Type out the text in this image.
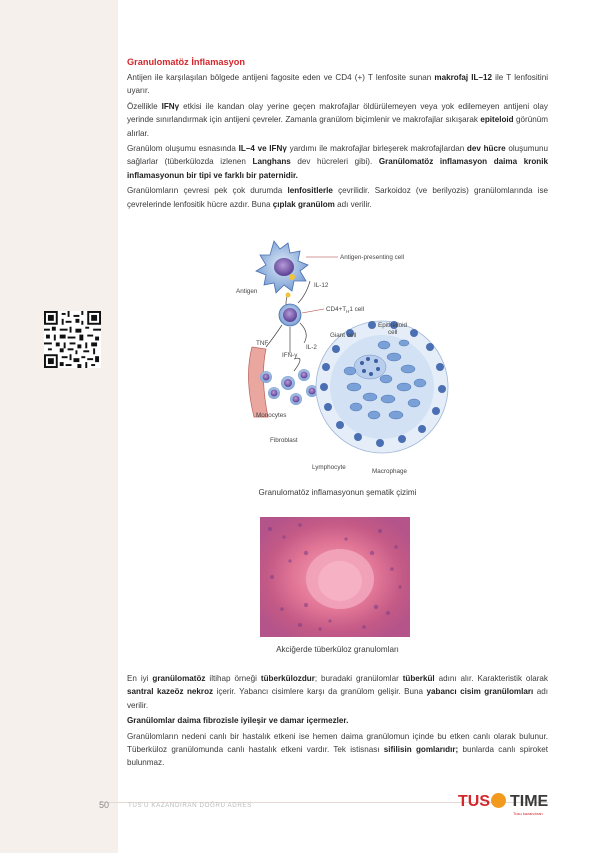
Granulomatöz İnflamasyon

Antijen ile karşılaşılan bölgede antijeni fagosite eden ve CD4 (+) T lenfosite sunan makrofaj IL–12 ile T lenfositini uyarır.

Özellikle IFNγ etkisi ile kandan olay yerine geçen makrofajlar öldürülemeyen veya yok edilemeyen antijeni olay yerinde sınırlandırmak için antijeni çevreler. Zamanla granülom biçimlenir ve makrofajlar sıkışarak epiteloid görünüm alırlar.

Granülom oluşumu esnasında IL–4 ve IFNγ yardımı ile makrofajlar birleşerek makrofajlardan dev hücre oluşumunu sağlarlar (tüberkülozda izlenen Langhans dev hücreleri gibi). Granülomatöz inflamasyon daima kronik inflamasyonun bir tipi ve farklı bir paternidir.

Granülomların çevresi pek çok durumda lenfositlerle çevrilidir. Sarkoidoz (ve berilyozis) granülomlarında ise çevrelerinde lenfositik hücre azdır. Buna çıplak granülom adı verilir.

Antigen-presenting cell
Antigen
IL-12
$CD4+T_H1$ cell
TNF
IL-2
IFN-γ
Monocytes
Giant cell
Epithelioid
cell
Fibroblast
Lymphocyte
Macrophage
Granulomatöz inflamasyonun şematik çizimi
Akciğerde tüberküloz granulomları

En iyi granülomatöz iltihap örneği tüberkülozdur; buradaki granülomlar tüberkül adını alır. Karakteristik olarak santral kazeöz nekroz içerir. Yabancı cisimlere karşı da granülom gelişir. Buna yabancı cisim granülomları adı verilir.

Granülomlar daima fibrozisle iyileşir ve damar içermezler.

Granülomların nedeni canlı bir hastalık etkeni ise hemen daima granülomun içinde bu etken canlı olarak bulunur. Tüberküloz granülomunda canlı hastalık etkeni vardır. Tek istisnası sifilisin gomlarıdır; bunlarda canlı spiroket bulunmaz.

50	TUS'U KAZANDIRAN DOĞRU ADRES	TUS TIME
Tusu kazandıran
